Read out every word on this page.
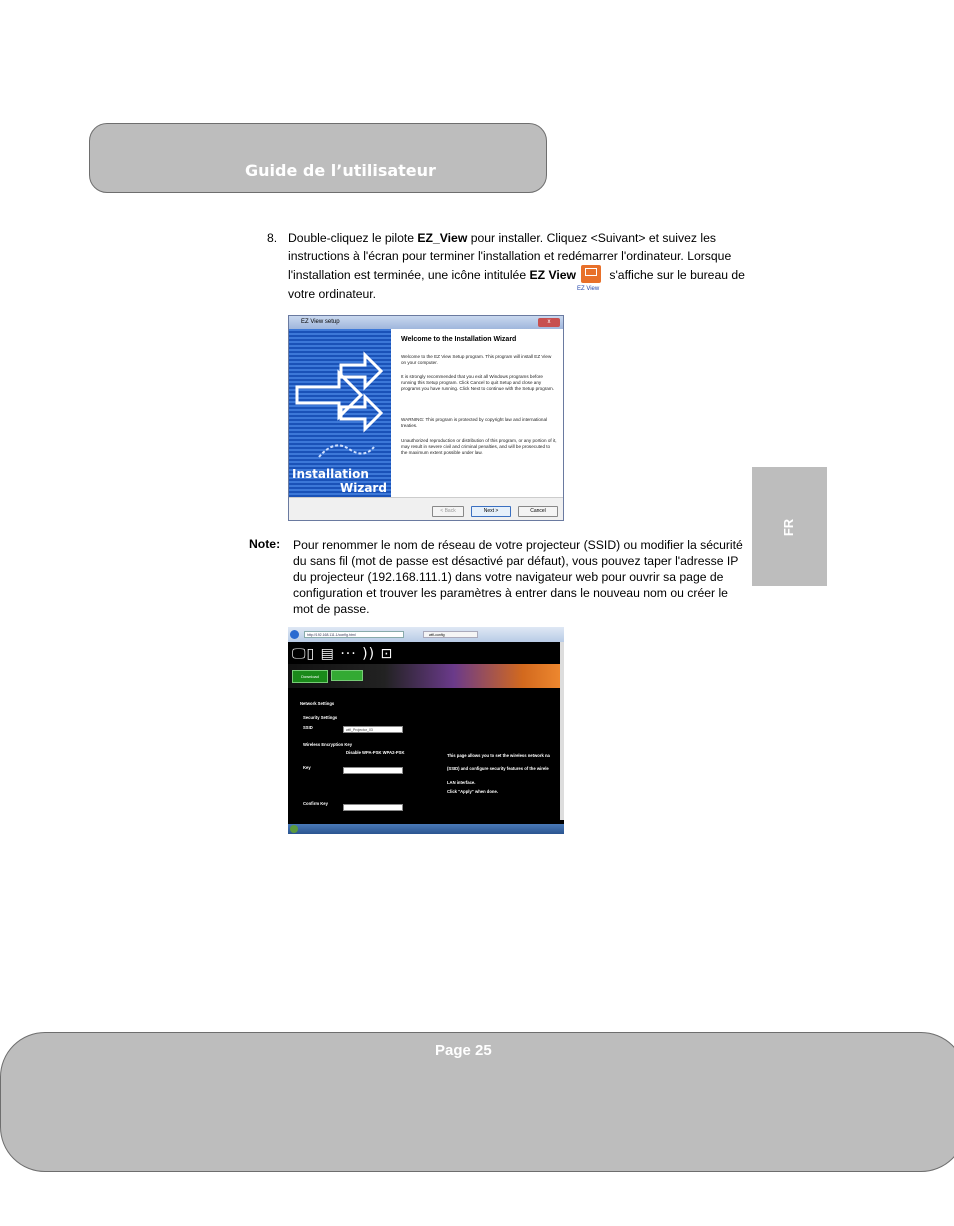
Guide de l’utilisateur
8. Double-cliquez le pilote EZ_View pour installer. Cliquez <Suivant> et suivez les instructions à l'écran pour terminer l'installation et redémarrer l'ordinateur. Lorsque l'installation est terminée, une icône intitulée EZ View
EZ View
s'affiche sur le bureau de votre ordinateur.
EZ View setup	x
Installation
Wizard
Welcome to the Installation Wizard
Welcome to the EZ View Setup program. This program will install EZ View on your computer.
It is strongly recommended that you exit all Windows programs before running this Setup program. Click Cancel to quit Setup and close any programs you have running. Click Next to continue with the Setup program.
WARNING: This program is protected by copyright law and international treaties.
Unauthorized reproduction or distribution of this program, or any portion of it, may result in severe civil and criminal penalties, and will be prosecuted to the maximum extent possible under law.
< Back	Next >	Cancel
Note: Pour renommer le nom de réseau de votre projecteur (SSID) ou modifier la sécurité du sans fil (mot de passe est désactivé par défaut), vous pouvez taper l'adresse IP du projecteur (192.168.111.1) dans votre navigateur web pour ouvrir sa page de configuration et trouver les paramètres à entrer dans le nouveau nom ou créer le mot de passe.
http://192.168.111.1/config.html	wifi-config
🖵▯ ▤ ··· )) ⊡
Download
Network Settings
Security Settings
SSID	wifi_Projector_03
Wireless Encryption Key
Disable WPA-PSK WPA2-PSK
Key
This page allows you to set the wireless network na
(SSID) and configure security features of the wirele
LAN interface.
Click "Apply" when done.
Confirm Key
FR
Page 25
